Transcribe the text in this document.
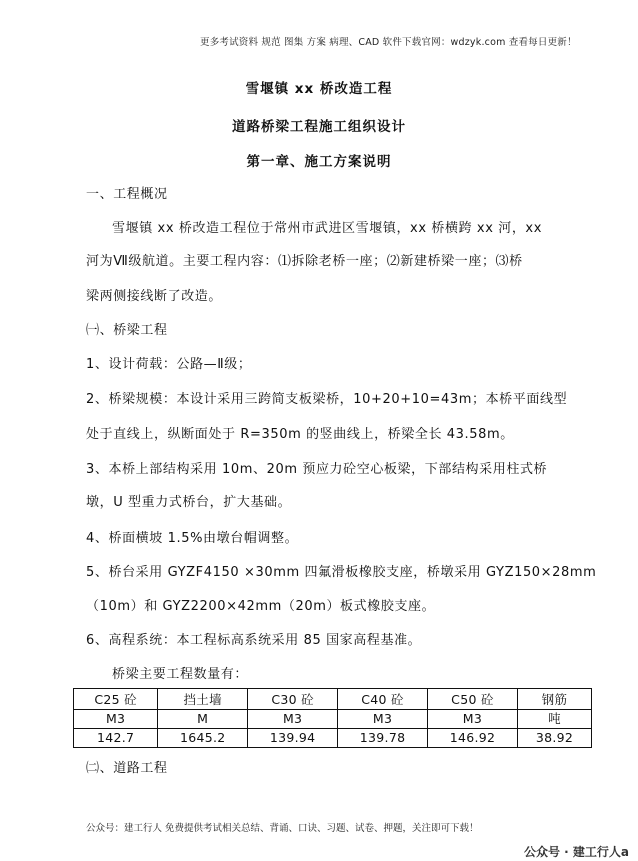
更多考试资料 规范 图集 方案 病理、CAD 软件下载官网：wdzyk.com 查看每日更新！
雪堰镇 xx 桥改造工程
道路桥梁工程施工组织设计
第一章、施工方案说明
一、工程概况
雪堰镇 xx 桥改造工程位于常州市武进区雪堰镇，xx 桥横跨 xx 河，xx
河为Ⅶ级航道。主要工程内容：⑴拆除老桥一座；⑵新建桥梁一座；⑶桥
梁两侧接线断了改造。
㈠、桥梁工程
1、设计荷载：公路—Ⅱ级；
2、桥梁规模：本设计采用三跨简支板梁桥，10+20+10=43m；本桥平面线型
处于直线上，纵断面处于 R=350m 的竖曲线上，桥梁全长 43.58m。
3、本桥上部结构采用 10m、20m 预应力砼空心板梁，下部结构采用柱式桥
墩，U 型重力式桥台，扩大基础。
4、桥面横坡 1.5%由墩台帽调整。
5、桥台采用 GYZF4150 ×30mm 四氟滑板橡胶支座，桥墩采用 GYZ150×28mm
（10m）和 GYZ2200×42mm（20m）板式橡胶支座。
6、高程系统：本工程标高系统采用 85 国家高程基准。
桥梁主要工程数量有：
C25 砼	挡土墙	C30 砼	C40 砼	C50 砼	钢筋
M3	M	M3	M3	M3	吨
142.7	1645.2	139.94	139.78	146.92	38.92
㈡、道路工程
公众号：建工行人 免费提供考试相关总结、背诵、口诀、习题、试卷、押题，关注即可下载！
公众号 · 建工行人a
